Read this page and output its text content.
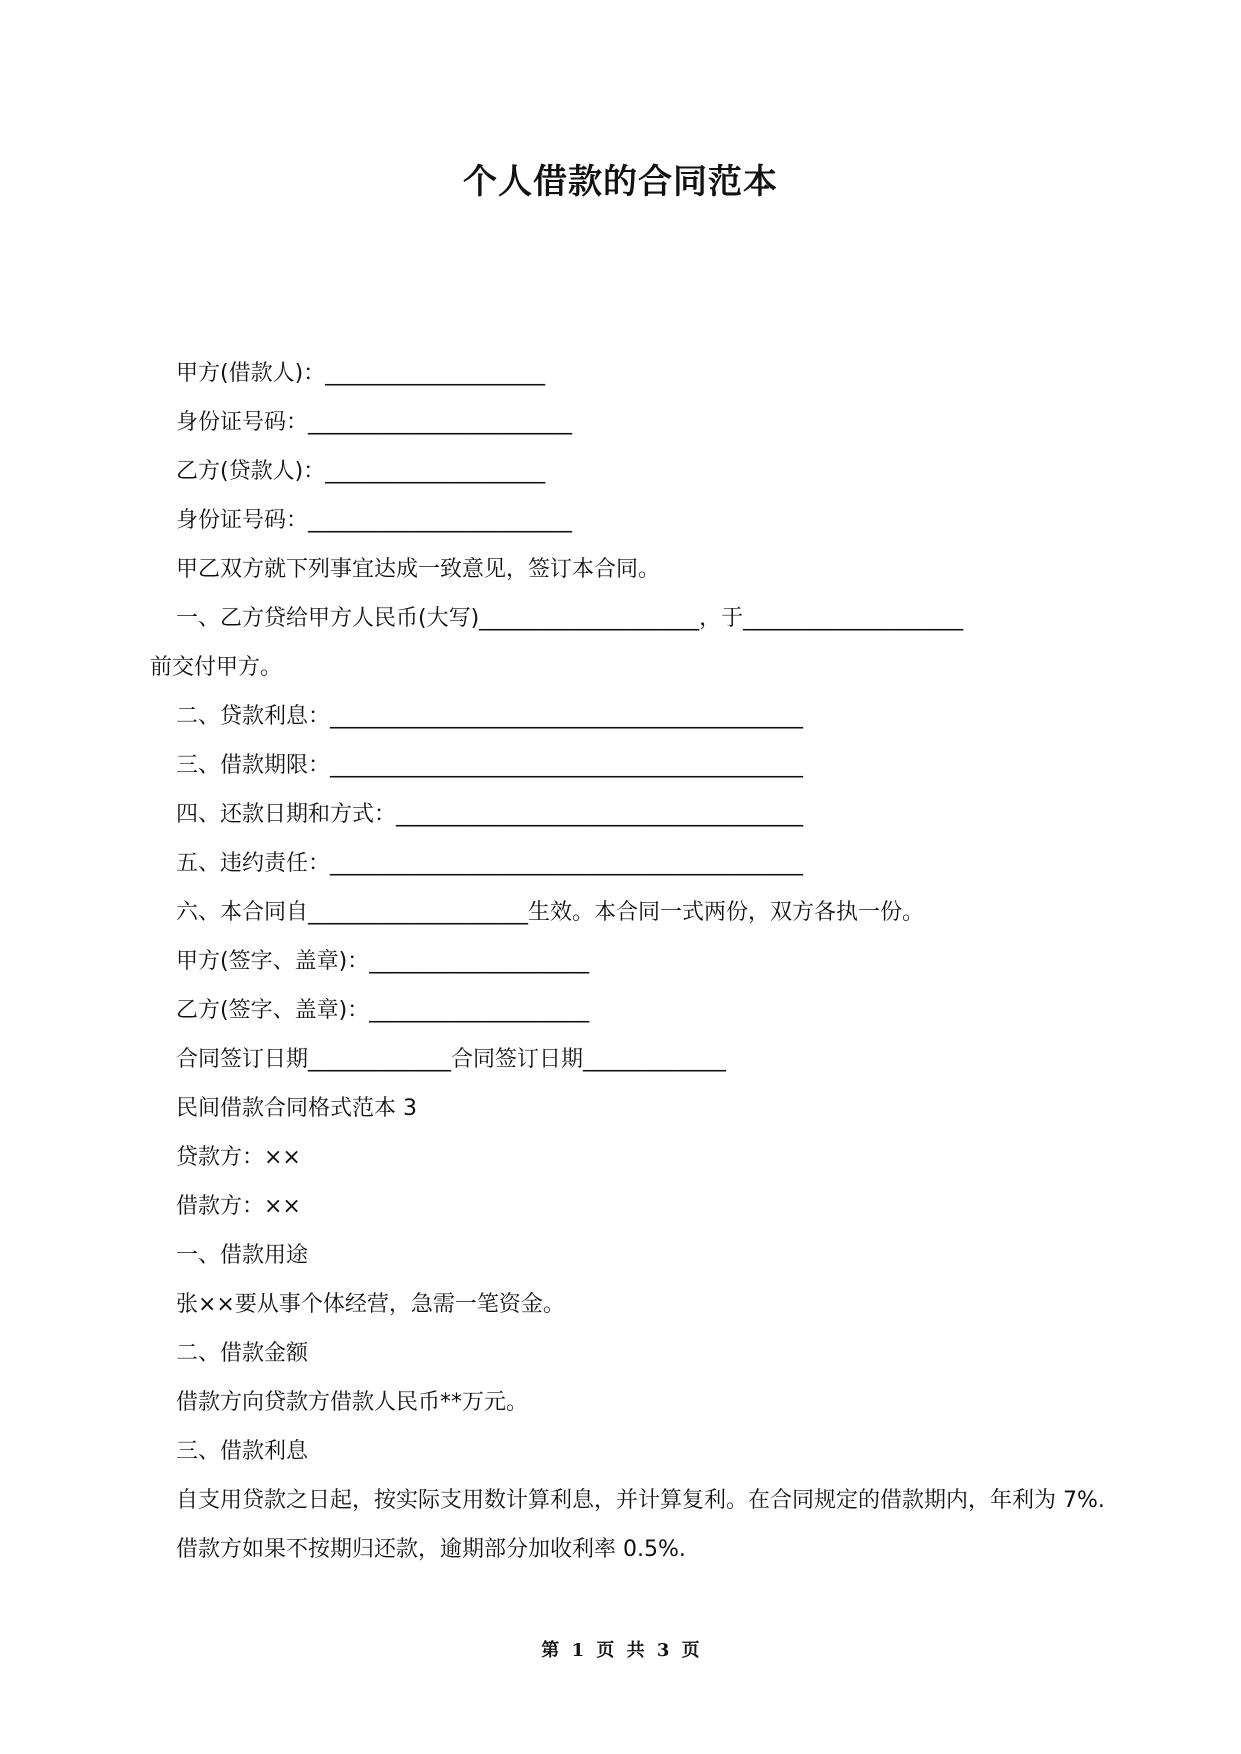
个人借款的合同范本
甲方(借款人)：____________________
身份证号码：________________________
乙方(贷款人)：____________________
身份证号码：________________________
甲乙双方就下列事宜达成一致意见，签订本合同。
一、乙方贷给甲方人民币(大写)____________________，于____________________
前交付甲方。
二、贷款利息：___________________________________________
三、借款期限：___________________________________________
四、还款日期和方式：_____________________________________
五、违约责任：___________________________________________
六、本合同自____________________生效。本合同一式两份，双方各执一份。
甲方(签字、盖章)：____________________
乙方(签字、盖章)：____________________
合同签订日期_____________合同签订日期_____________
民间借款合同格式范本 3
贷款方：××
借款方：××
一、借款用途
张××要从事个体经营，急需一笔资金。
二、借款金额
借款方向贷款方借款人民币**万元。
三、借款利息
自支用贷款之日起，按实际支用数计算利息，并计算复利。在合同规定的借款期内，年利为 7%. 借款方如果不按期归还款，逾期部分加收利率 0.5%.
第 1 页 共 3 页
